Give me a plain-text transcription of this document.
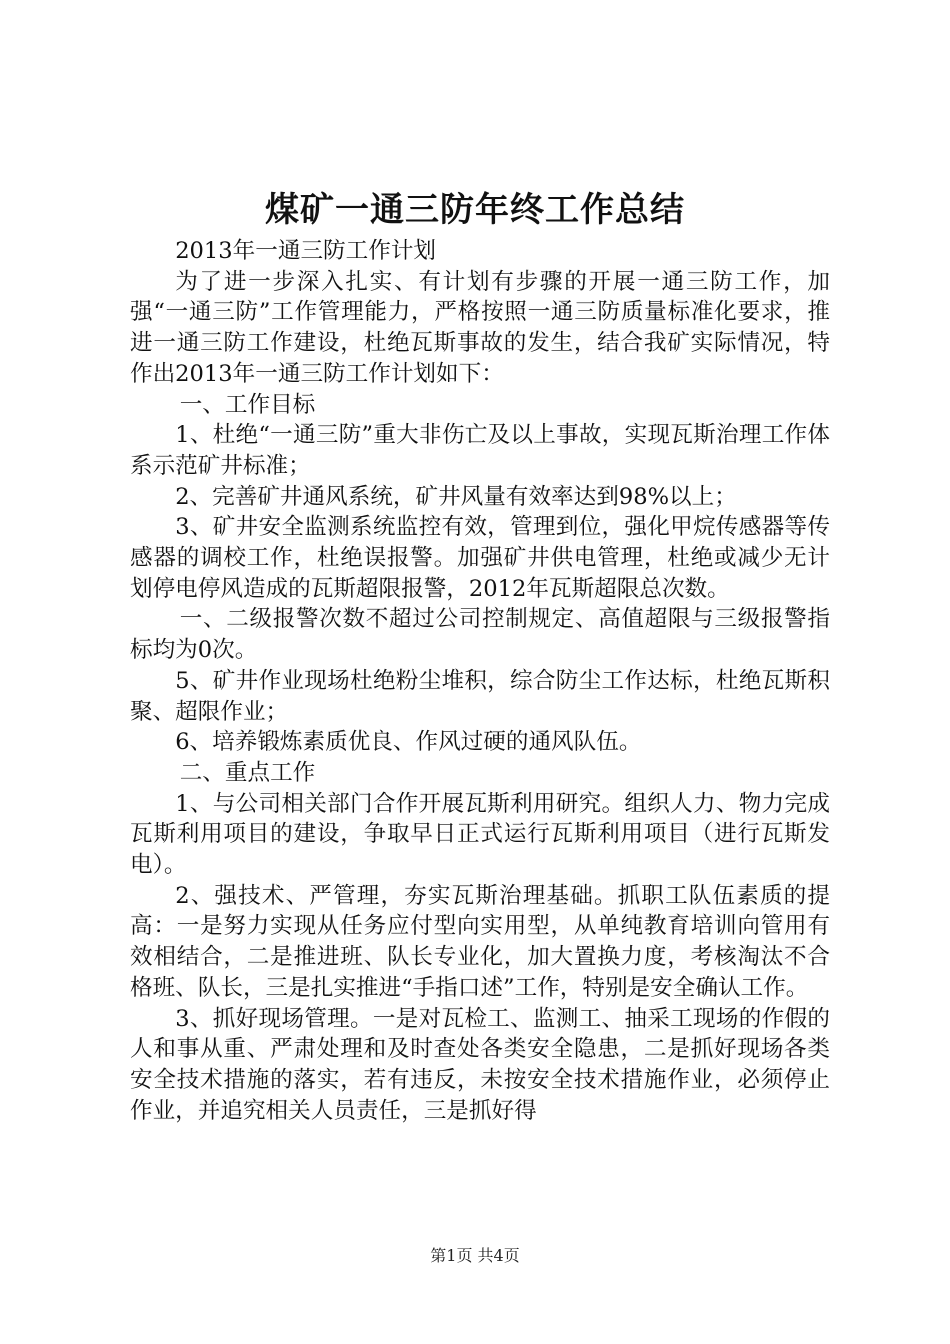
煤矿一通三防年终工作总结

2013年一通三防工作计划

为了进一步深入扎实、有计划有步骤的开展一通三防工作，加强“一通三防”工作管理能力，严格按照一通三防质量标准化要求，推进一通三防工作建设，杜绝瓦斯事故的发生，结合我矿实际情况，特作出2013年一通三防工作计划如下：

一、工作目标

1、杜绝“一通三防”重大非伤亡及以上事故，实现瓦斯治理工作体系示范矿井标准；

2、完善矿井通风系统，矿井风量有效率达到98%以上；

3、矿井安全监测系统监控有效，管理到位，强化甲烷传感器等传感器的调校工作，杜绝误报警。加强矿井供电管理，杜绝或减少无计划停电停风造成的瓦斯超限报警，2012年瓦斯超限总次数。

一、二级报警次数不超过公司控制规定、高值超限与三级报警指标均为0次。

5、矿井作业现场杜绝粉尘堆积，综合防尘工作达标，杜绝瓦斯积聚、超限作业；

6、培养锻炼素质优良、作风过硬的通风队伍。

二、重点工作

1、与公司相关部门合作开展瓦斯利用研究。组织人力、物力完成瓦斯利用项目的建设，争取早日正式运行瓦斯利用项目（进行瓦斯发电）。

2、强技术、严管理，夯实瓦斯治理基础。抓职工队伍素质的提高：一是努力实现从任务应付型向实用型，从单纯教育培训向管用有效相结合，二是推进班、队长专业化，加大置换力度，考核淘汰不合格班、队长，三是扎实推进“手指口述”工作，特别是安全确认工作。

3、抓好现场管理。一是对瓦检工、监测工、抽采工现场的作假的人和事从重、严肃处理和及时查处各类安全隐患，二是抓好现场各类安全技术措施的落实，若有违反，未按安全技术措施作业，必须停止作业，并追究相关人员责任，三是抓好得

第1页 共4页
